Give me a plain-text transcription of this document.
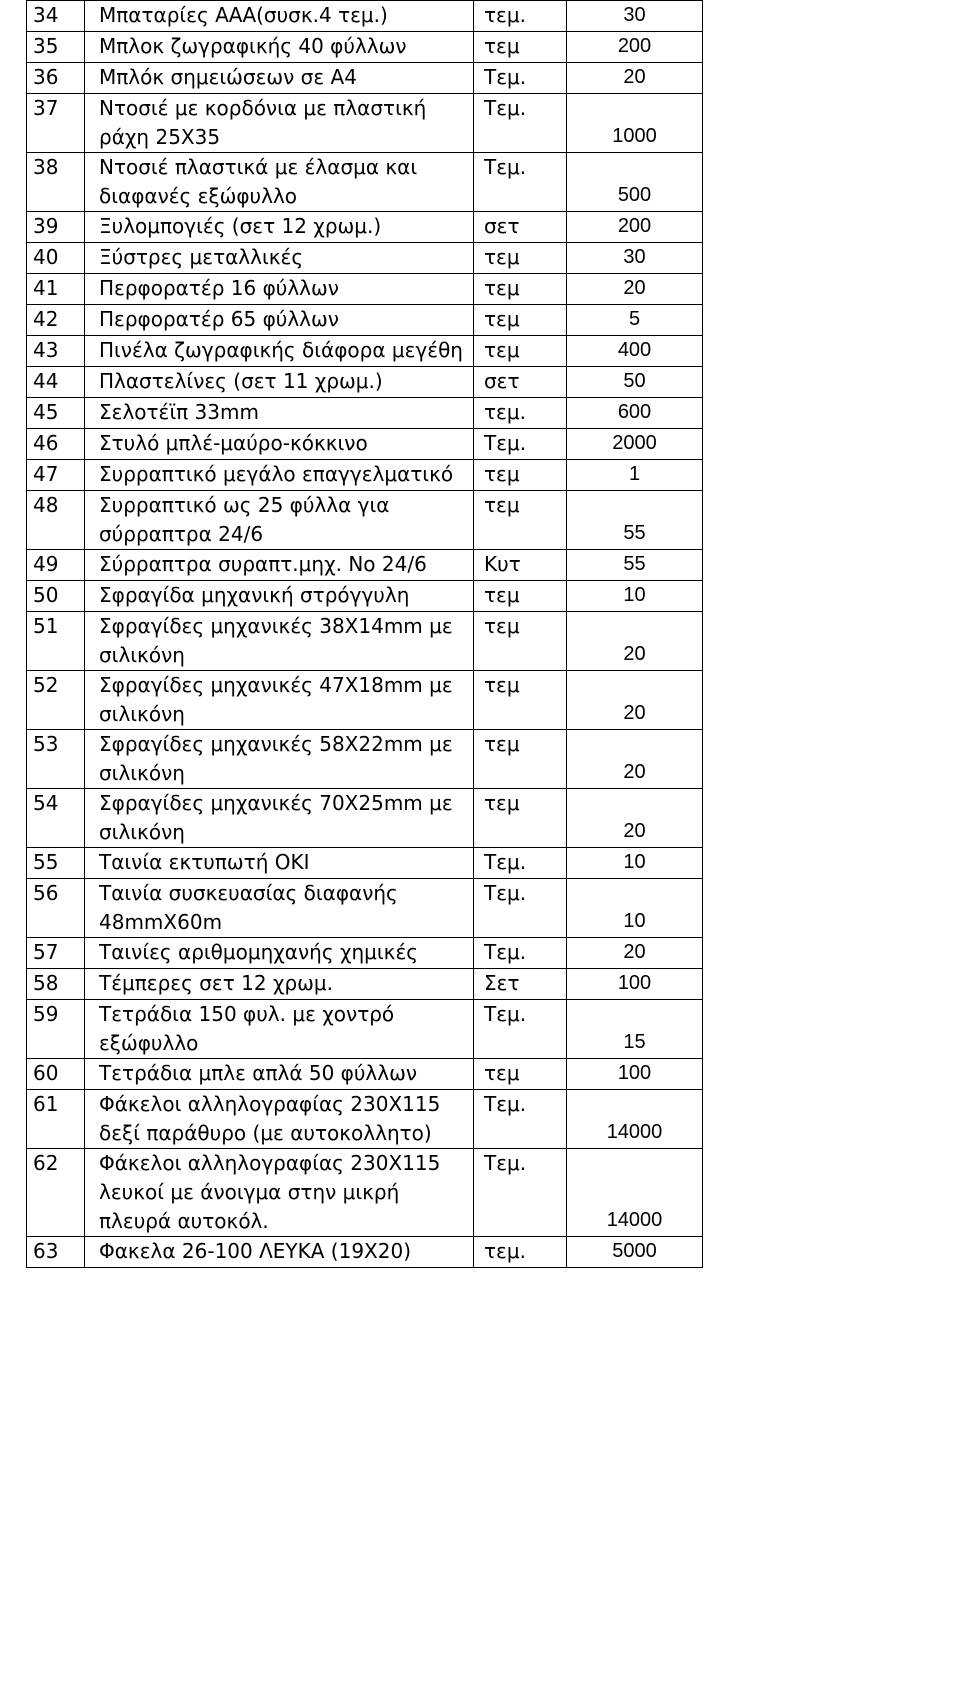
34	Μπαταρίες ΑΑΑ(συσκ.4 τεμ.)	τεμ.	30
35	Μπλοκ ζωγραφικής 40 φύλλων	τεμ	200
36	Μπλόκ σημειώσεων σε Α4	Τεμ.	20
37	Ντοσιέ με κορδόνια με πλαστική ράχη 25Χ35	Τεμ.	1000
38	Ντοσιέ πλαστικά με έλασμα και διαφανές εξώφυλλο	Τεμ.	500
39	Ξυλομπογιές (σετ 12 χρωμ.)	σετ	200
40	Ξύστρες μεταλλικές	τεμ	30
41	Περφορατέρ 16 φύλλων	τεμ	20
42	Περφορατέρ 65 φύλλων	τεμ	5
43	Πινέλα ζωγραφικής διάφορα μεγέθη	τεμ	400
44	Πλαστελίνες (σετ 11 χρωμ.)	σετ	50
45	Σελοτέϊπ 33mm	τεμ.	600
46	Στυλό μπλέ-μαύρο-κόκκινο	Τεμ.	2000
47	Συρραπτικό μεγάλο επαγγελματικό	τεμ	1
48	Συρραπτικό ως 25 φύλλα για σύρραπτρα 24/6	τεμ	55
49	Σύρραπτρα συραπτ.μηχ. Νο 24/6	Κυτ	55
50	Σφραγίδα μηχανική στρόγγυλη	τεμ	10
51	Σφραγίδες μηχανικές 38Χ14mm με σιλικόνη	τεμ	20
52	Σφραγίδες μηχανικές 47Χ18mm με σιλικόνη	τεμ	20
53	Σφραγίδες μηχανικές 58Χ22mm με σιλικόνη	τεμ	20
54	Σφραγίδες μηχανικές 70Χ25mm με σιλικόνη	τεμ	20
55	Ταινία εκτυπωτή ΟΚΙ	Τεμ.	10
56	Ταινία συσκευασίας διαφανής 48mmX60m	Τεμ.	10
57	Ταινίες αριθμομηχανής χημικές	Τεμ.	20
58	Τέμπερες σετ 12 χρωμ.	Σετ	100
59	Τετράδια 150 φυλ. με χοντρό εξώφυλλο	Τεμ.	15
60	Τετράδια μπλε απλά 50 φύλλων	τεμ	100
61	Φάκελοι αλληλογραφίας 230Χ115 δεξί παράθυρο (με αυτοκολλητο)	Τεμ.	14000
62	Φάκελοι αλληλογραφίας 230Χ115 λευκοί με άνοιγμα στην μικρή πλευρά αυτοκόλ.	Τεμ.	14000
63	Φακελα 26-100 ΛΕΥΚΑ (19Χ20)	τεμ.	5000
